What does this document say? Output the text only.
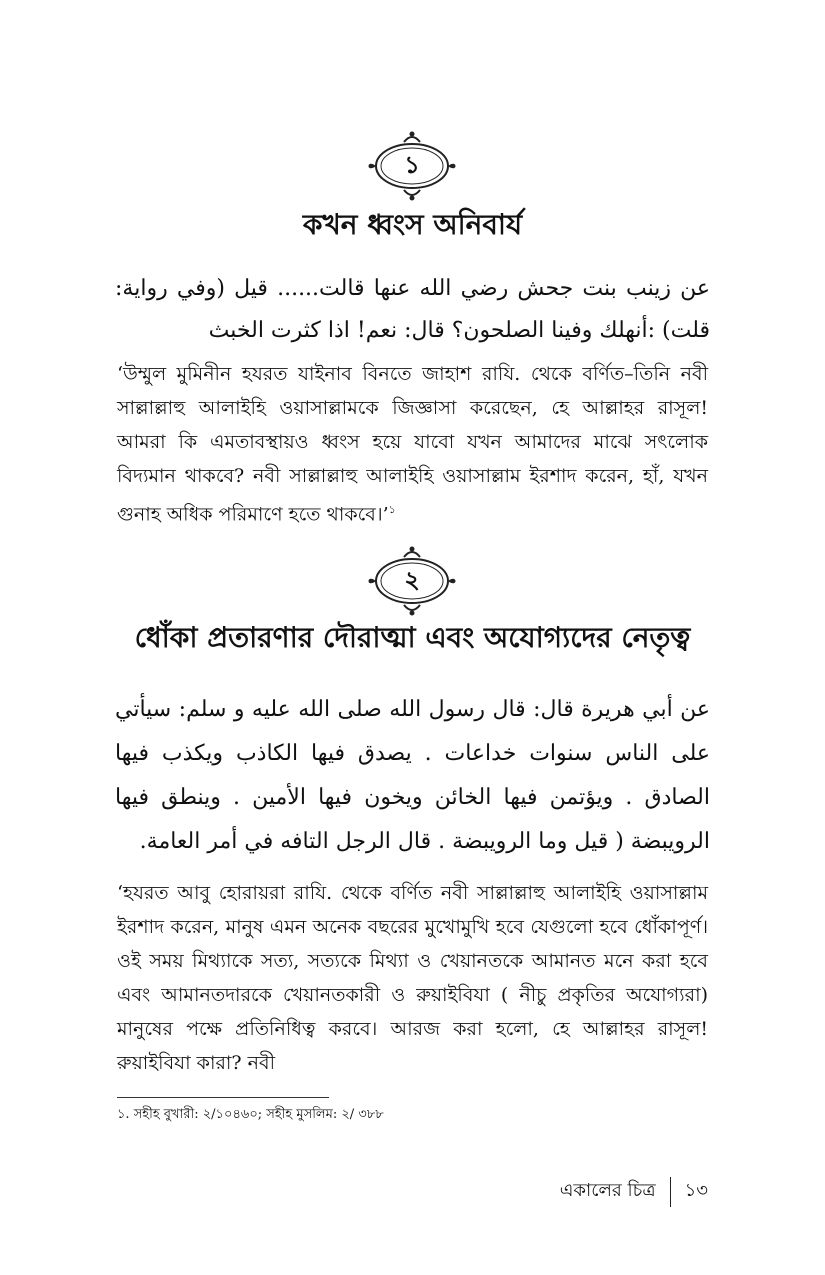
১
কখন ধ্বংস অনিবার্য
عن زينب بنت جحش رضي الله عنها قالت...... قيل (وفي رواية: قلت) :أنهلك وفينا الصلحون؟ قال: نعم! اذا كثرت الخبث
‘উম্মুল মুমিনীন হযরত যাইনাব বিনতে জাহাশ রাযি. থেকে বর্ণিত–তিনি নবী সাল্লাল্লাহু আলাইহি ওয়াসাল্লামকে জিজ্ঞাসা করেছেন, হে আল্লাহর রাসূল! আমরা কি এমতাবস্থায়ও ধ্বংস হয়ে যাবো যখন আমাদের মাঝে সৎলোক বিদ্যমান থাকবে? নবী সাল্লাল্লাহু আলাইহি ওয়াসাল্লাম ইরশাদ করেন, হাঁ, যখন গুনাহ অধিক পরিমাণে হতে থাকবে।’$^১$
২
ধোঁকা প্রতারণার দৌরাত্মা এবং অযোগ্যদের নেতৃত্ব
عن أبي هريرة قال: قال رسول الله صلى الله عليه و سلم: سيأتي على الناس سنوات خداعات . يصدق فيها الكاذب ويكذب فيها الصادق . ويؤتمن فيها الخائن ويخون فيها الأمين . وينطق فيها الرويبضة ( قيل وما الرويبضة . قال الرجل التافه في أمر العامة.
‘হযরত আবু হোরায়রা রাযি. থেকে বর্ণিত নবী সাল্লাল্লাহু আলাইহি ওয়াসাল্লাম ইরশাদ করেন, মানুষ এমন অনেক বছরের মুখোমুখি হবে যেগুলো হবে ধোঁকাপূর্ণ। ওই সময় মিথ্যাকে সত্য, সত্যকে মিথ্যা ও খেয়ানতকে আমানত মনে করা হবে এবং আমানতদারকে খেয়ানতকারী ও রুয়াইবিযা ( নীচু প্রকৃতির অযোগ্যরা) মানুষের পক্ষে প্রতিনিধিত্ব করবে। আরজ করা হলো, হে আল্লাহর রাসূল! রুয়াইবিযা কারা? নবী
১. সহীহ বুখারী: ২/১০৪৬০; সহীহ মুসলিম: ২/ ৩৮৮
একালের চিত্র ১৩
